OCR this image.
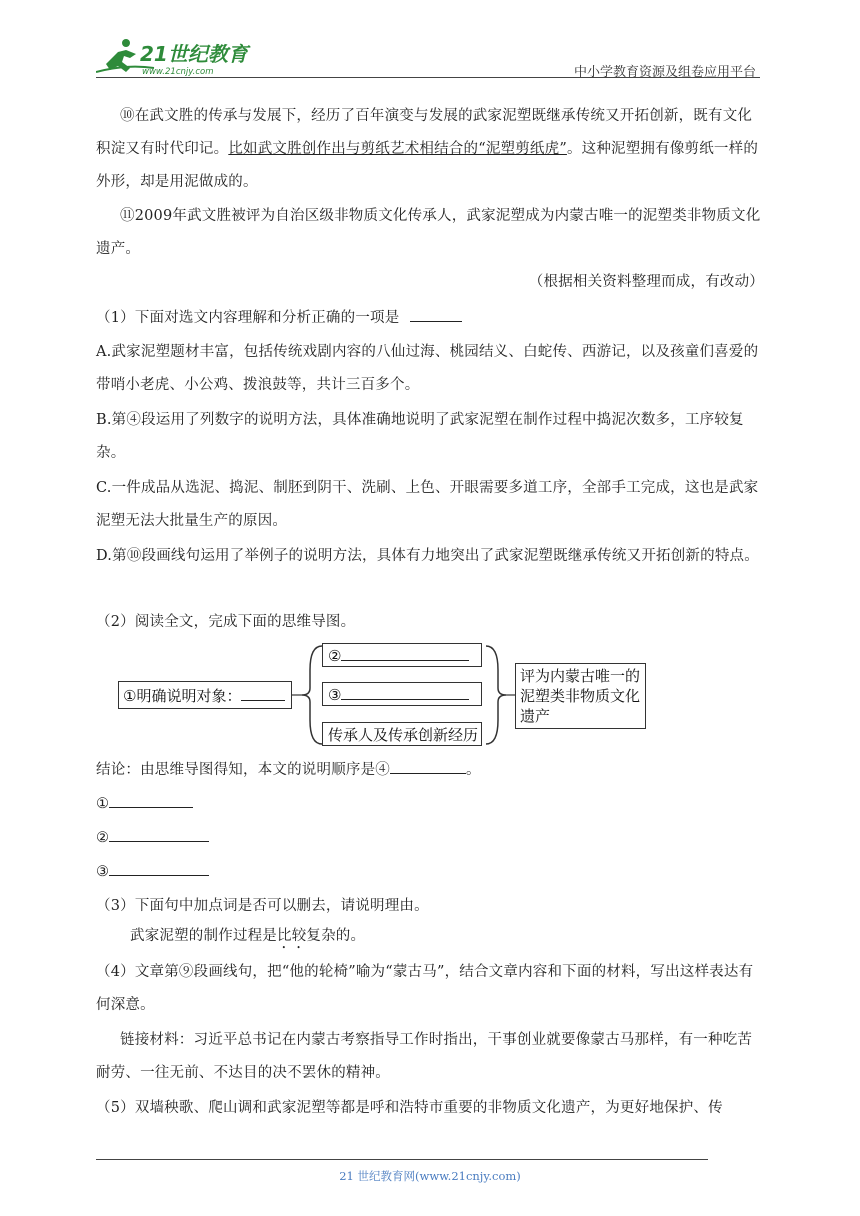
21世纪教育
www.21cnjy.com	中小学教育资源及组卷应用平台
⑩在武文胜的传承与发展下，经历了百年演变与发展的武家泥塑既继承传统又开拓创新，既有文化积淀又有时代印记。比如武文胜创作出与剪纸艺术相结合的“泥塑剪纸虎”。这种泥塑拥有像剪纸一样的外形，却是用泥做成的。
⑪2009年武文胜被评为自治区级非物质文化传承人，武家泥塑成为内蒙古唯一的泥塑类非物质文化遗产。
（根据相关资料整理而成，有改动）
（1）下面对选文内容理解和分析正确的一项是
A.武家泥塑题材丰富，包括传统戏剧内容的八仙过海、桃园结义、白蛇传、西游记，以及孩童们喜爱的带哨小老虎、小公鸡、拨浪鼓等，共计三百多个。
B.第④段运用了列数字的说明方法，具体准确地说明了武家泥塑在制作过程中捣泥次数多，工序较复杂。
C.一件成品从选泥、捣泥、制胚到阴干、洗刷、上色、开眼需要多道工序，全部手工完成，这也是武家泥塑无法大批量生产的原因。
D.第⑩段画线句运用了举例子的说明方法，具体有力地突出了武家泥塑既继承传统又开拓创新的特点。
（2）阅读全文，完成下面的思维导图。
①明确说明对象：
②
③
传承人及传承创新经历
评为内蒙古唯一的泥塑类非物质文化遗产
结论：由思维导图得知，本文的说明顺序是④	。
①
②
③
（3）下面句中加点词是否可以删去，请说明理由。
武家泥塑的制作过程是比较复杂的。
（4）文章第⑨段画线句，把“他的轮椅”喻为“蒙古马”，结合文章内容和下面的材料，写出这样表达有何深意。
链接材料：习近平总书记在内蒙古考察指导工作时指出，干事创业就要像蒙古马那样，有一种吃苦耐劳、一往无前、不达目的决不罢休的精神。
（5）双墙秧歌、爬山调和武家泥塑等都是呼和浩特市重要的非物质文化遗产，为更好地保护、传
21 世纪教育网(www.21cnjy.com)
